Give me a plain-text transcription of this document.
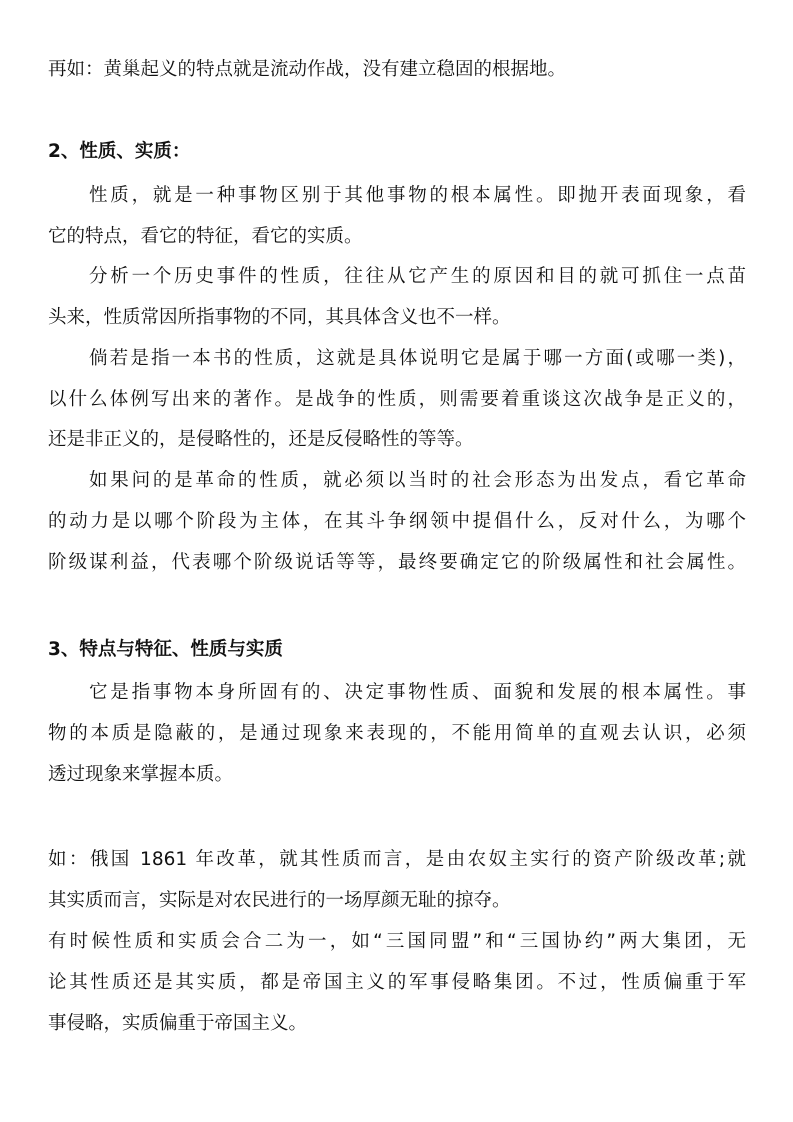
再如：黄巢起义的特点就是流动作战，没有建立稳固的根据地。
2、性质、实质：
性质，就是一种事物区别于其他事物的根本属性。即抛开表面现象，看
它的特点，看它的特征，看它的实质。
分析一个历史事件的性质，往往从它产生的原因和目的就可抓住一点苗
头来，性质常因所指事物的不同，其具体含义也不一样。
倘若是指一本书的性质，这就是具体说明它是属于哪一方面(或哪一类)，
以什么体例写出来的著作。是战争的性质，则需要着重谈这次战争是正义的，
还是非正义的，是侵略性的，还是反侵略性的等等。
如果问的是革命的性质，就必须以当时的社会形态为出发点，看它革命
的动力是以哪个阶段为主体，在其斗争纲领中提倡什么，反对什么，为哪个
阶级谋利益，代表哪个阶级说话等等，最终要确定它的阶级属性和社会属性。
3、特点与特征、性质与实质
它是指事物本身所固有的、决定事物性质、面貌和发展的根本属性。事
物的本质是隐蔽的，是通过现象来表现的，不能用简单的直观去认识，必须
透过现象来掌握本质。
如：俄国 1861 年改革，就其性质而言，是由农奴主实行的资产阶级改革;就
其实质而言，实际是对农民进行的一场厚颜无耻的掠夺。
有时候性质和实质会合二为一，如“三国同盟”和“三国协约”两大集团，无
论其性质还是其实质，都是帝国主义的军事侵略集团。不过，性质偏重于军
事侵略，实质偏重于帝国主义。
